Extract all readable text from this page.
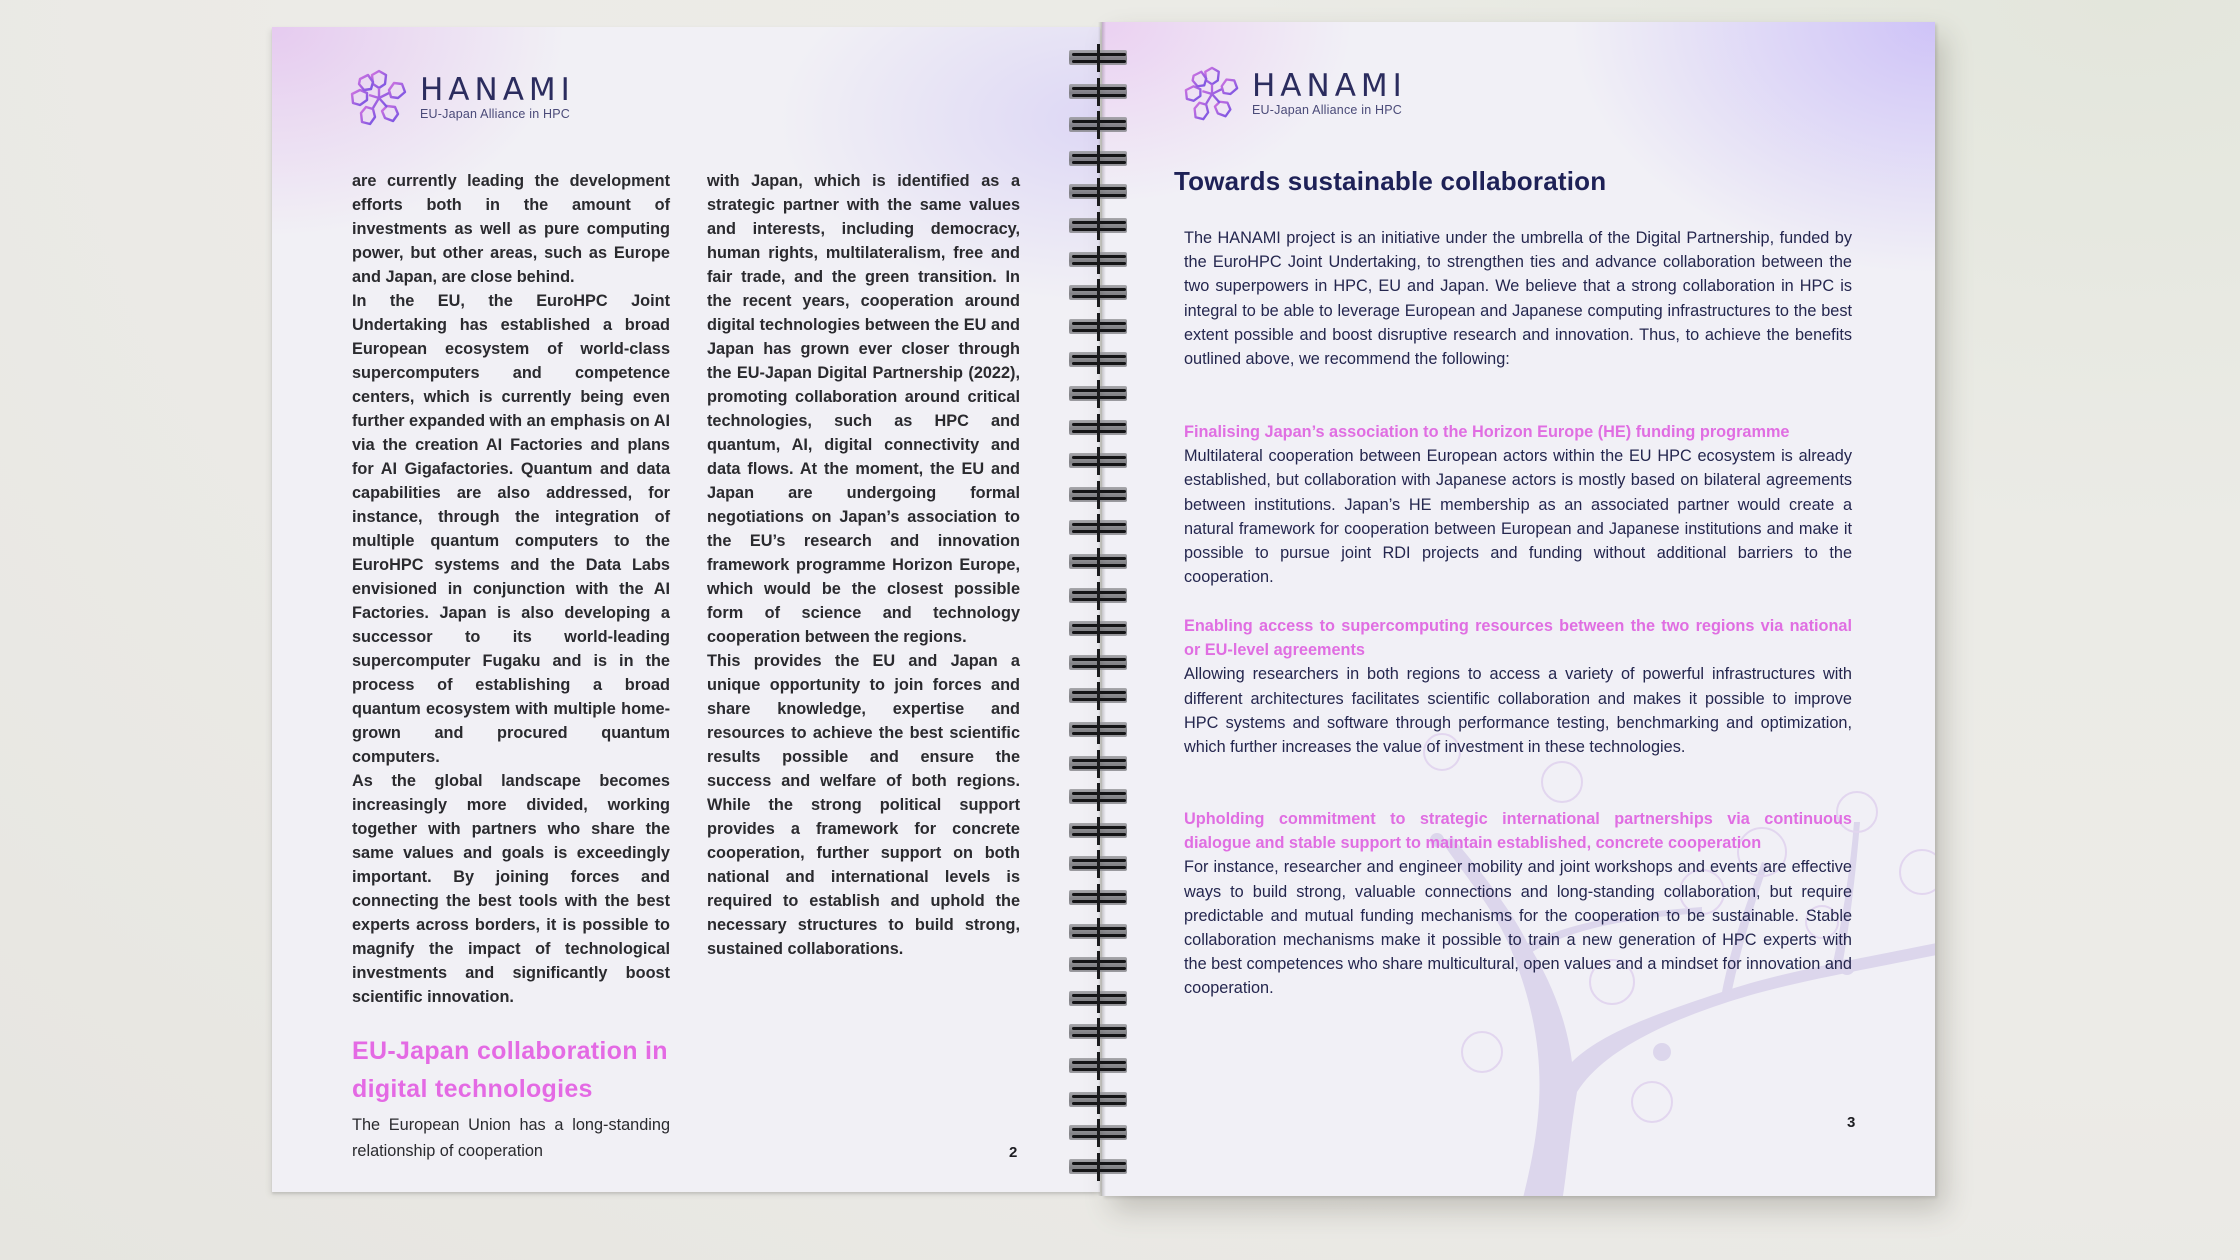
HANAMI
EU-Japan Alliance in HPC

are currently leading the development efforts both in the amount of investments as well as pure computing power, but other areas, such as Europe and Japan, are close behind.

In the EU, the EuroHPC Joint Undertaking has established a broad European ecosystem of world-class supercomputers and competence centers, which is currently being even further expanded with an emphasis on AI via the creation AI Factories and plans for AI Gigafactories. Quantum and data capabilities are also addressed, for instance, through the integration of multiple quantum computers to the EuroHPC systems and the Data Labs envisioned in conjunction with the AI Factories. Japan is also developing a successor to its world-leading supercomputer Fugaku and is in the process of establishing a broad quantum ecosystem with multiple home-grown and procured quantum computers.

As the global landscape becomes increasingly more divided, working together with partners who share the same values and goals is exceedingly important. By joining forces and connecting the best tools with the best experts across borders, it is possible to magnify the impact of technological investments and significantly boost scientific innovation.

EU-Japan collaboration in digital technologies
The European Union has a long-standing relationship of cooperation

with Japan, which is identified as a strategic partner with the same values and interests, including democracy, human rights, multilateralism, free and fair trade, and the green transition. In the recent years, cooperation around digital technologies between the EU and Japan has grown ever closer through the EU-Japan Digital Partnership (2022), promoting collaboration around critical technologies, such as HPC and quantum, AI, digital connectivity and data flows. At the moment, the EU and Japan are undergoing formal negotiations on Japan’s association to the EU’s research and innovation framework programme Horizon Europe, which would be the closest possible form of science and technology cooperation between the regions.

This provides the EU and Japan a unique opportunity to join forces and share knowledge, expertise and resources to achieve the best scientific results possible and ensure the success and welfare of both regions. While the strong political support provides a framework for concrete cooperation, further support on both national and international levels is required to establish and uphold the necessary structures to build strong, sustained collaborations.

2
HANAMI
EU-Japan Alliance in HPC
Towards sustainable collaboration

The HANAMI project is an initiative under the umbrella of the Digital Partnership, funded by the EuroHPC Joint Undertaking, to strengthen ties and advance collaboration between the two superpowers in HPC, EU and Japan. We believe that a strong collaboration in HPC is integral to be able to leverage European and Japanese computing infrastructures to the best extent possible and boost disruptive research and innovation. Thus, to achieve the benefits outlined above, we recommend the following:

Finalising Japan’s association to the Horizon Europe (HE) funding programme

Multilateral cooperation between European actors within the EU HPC ecosystem is already established, but collaboration with Japanese actors is mostly based on bilateral agreements between institutions. Japan’s HE membership as an associated partner would create a natural framework for cooperation between European and Japanese institutions and make it possible to pursue joint RDI projects and funding without additional barriers to the cooperation.

Enabling access to supercomputing resources between the two regions via national or EU-level agreements

Allowing researchers in both regions to access a variety of powerful infrastructures with different architectures facilitates scientific collaboration and makes it possible to improve HPC systems and software through performance testing, benchmarking and optimization, which further increases the value of investment in these technologies.

Upholding commitment to strategic international partnerships via continuous dialogue and stable support to maintain established, concrete cooperation

For instance, researcher and engineer mobility and joint workshops and events are effective ways to build strong, valuable connections and long-standing collaboration, but require predictable and mutual funding mechanisms for the cooperation to be sustainable. Stable collaboration mechanisms make it possible to train a new generation of HPC experts with the best competences who share multicultural, open values and a mindset for innovation and cooperation.

3
